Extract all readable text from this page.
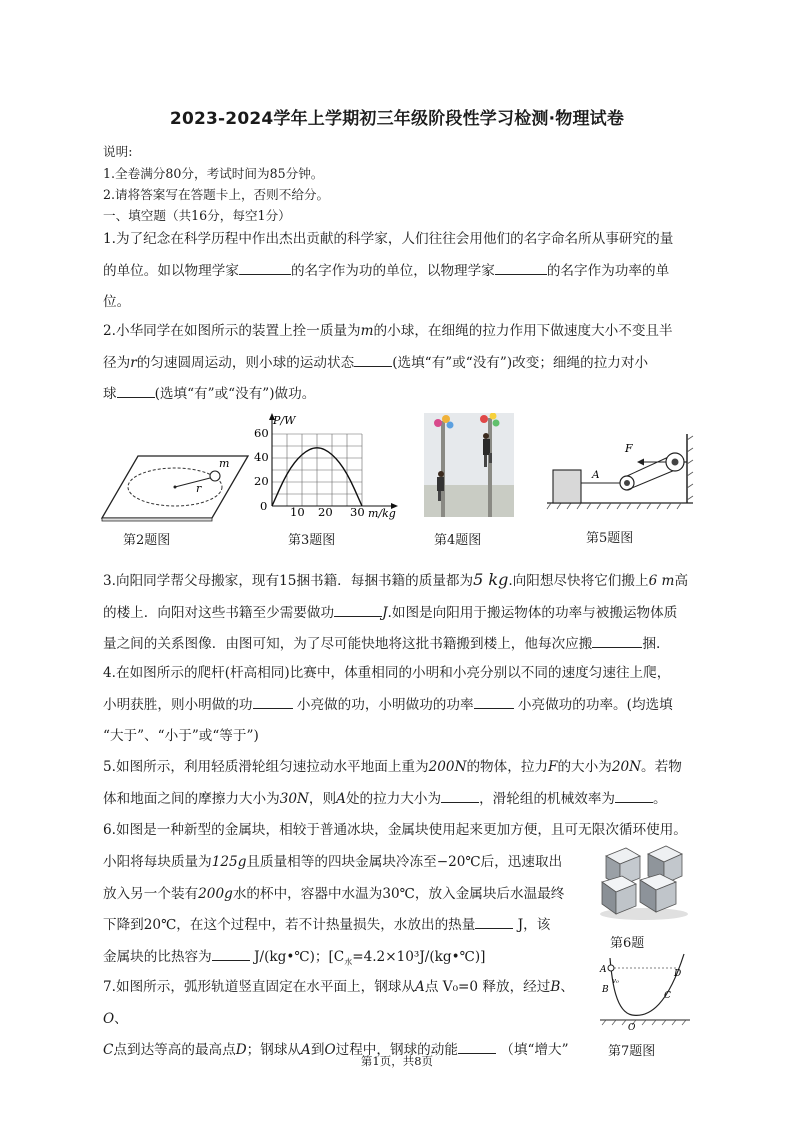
2023-2024学年上学期初三年级阶段性学习检测·物理试卷
说明:
1.全卷满分80分，考试时间为85分钟。
2.请将答案写在答题卡上，否则不给分。
一、填空题（共16分，每空1分）
1.为了纪念在科学历程中作出杰出贡献的科学家，人们往往会用他们的名字命名所从事研究的量
的单位。如以物理学家	的名字作为功的单位，以物理学家	的名字作为功率的单
位。
2.小华同学在如图所示的装置上拴一质量为m的小球，在细绳的拉力作用下做速度大小不变且半
径为r的匀速圆周运动，则小球的运动状态	(选填“有”或“没有”)改变；细绳的拉力对小
球	(选填“有”或“没有”)做功。
m
r
第2题图
P/W
m/kg
60
40
20
0 10 20 30
第3题图	第4题图
F
A
第5题图
3.向阳同学帮父母搬家，现有15捆书籍．每捆书籍的质量都为5 kg.向阳想尽快将它们搬上6 m高
的楼上．向阳对这些书籍至少需要做功	J.如图是向阳用于搬运物体的功率与被搬运物体质
量之间的关系图像．由图可知，为了尽可能快地将这批书籍搬到楼上，他每次应搬	捆.
4.在如图所示的爬杆(杆高相同)比赛中，体重相同的小明和小亮分别以不同的速度匀速往上爬，
小明获胜，则小明做的功	小亮做的功，小明做功的功率	小亮做功的功率。(均选填
“大于”、“小于”或“等于”)
5.如图所示，利用轻质滑轮组匀速拉动水平地面上重为200N的物体，拉力F的大小为20N。若物
体和地面之间的摩擦力大小为30N，则A处的拉力大小为	，滑轮组的机械效率为	。
6.如图是一种新型的金属块，相较于普通冰块，金属块使用起来更加方便，且可无限次循环使用。
小阳将每块质量为125g且质量相等的四块金属块冷冻至−20℃后，迅速取出
放入另一个装有200g水的杯中，容器中水温为30℃，放入金属块后水温最终
下降到20℃，在这个过程中，若不计热量损失，水放出的热量	J，该
金属块的比热容为	J/(kg•℃)；$[C_水=4.2\times 10^3J/(kg•℃)]$
第6题
7.如图所示，弧形轨道竖直固定在水平面上，钢球从A点 V₀=0 释放，经过B、O、
C点到达等高的最高点D；钢球从A到O过程中，钢球的动能	（填“增大”
A
v₀
B
C
D
O
第7题图
第1页，共8页
